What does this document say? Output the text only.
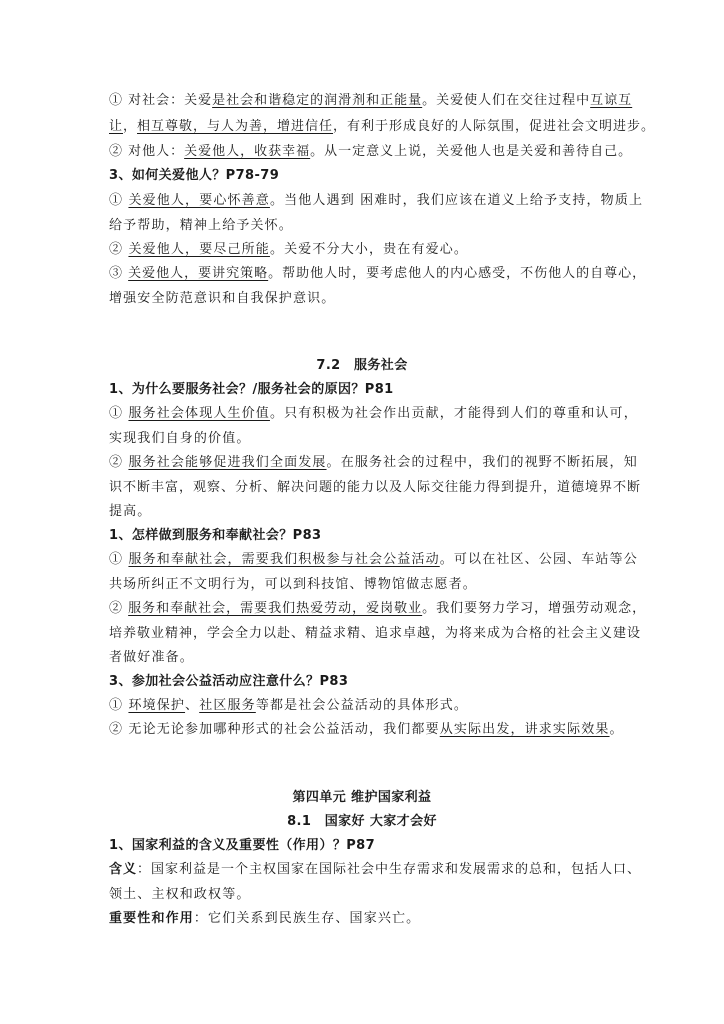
① 对社会：关爱是社会和谐稳定的润滑剂和正能量。关爱使人们在交往过程中互谅互
让，相互尊敬，与人为善，增进信任，有利于形成良好的人际氛围，促进社会文明进步。
② 对他人：关爱他人，收获幸福。从一定意义上说，关爱他人也是关爱和善待自己。
3、如何关爱他人？P78-79
① 关爱他人，要心怀善意。当他人遇到 困难时，我们应该在道义上给予支持，物质上
给予帮助，精神上给予关怀。
② 关爱他人，要尽己所能。关爱不分大小，贵在有爱心。
③ 关爱他人，要讲究策略。帮助他人时，要考虑他人的内心感受，不伤他人的自尊心，
增强安全防范意识和自我保护意识。
7.2　服务社会
1、为什么要服务社会？/服务社会的原因？P81
① 服务社会体现人生价值。只有积极为社会作出贡献，才能得到人们的尊重和认可，
实现我们自身的价值。
② 服务社会能够促进我们全面发展。在服务社会的过程中，我们的视野不断拓展，知
识不断丰富，观察、分析、解决问题的能力以及人际交往能力得到提升，道德境界不断
提高。
1、怎样做到服务和奉献社会？P83
① 服务和奉献社会，需要我们积极参与社会公益活动。可以在社区、公园、车站等公
共场所纠正不文明行为，可以到科技馆、博物馆做志愿者。
② 服务和奉献社会，需要我们热爱劳动，爱岗敬业。我们要努力学习，增强劳动观念，
培养敬业精神，学会全力以赴、精益求精、追求卓越，为将来成为合格的社会主义建设
者做好准备。
3、参加社会公益活动应注意什么？P83
① 环境保护、社区服务等都是社会公益活动的具体形式。
② 无论无论参加哪种形式的社会公益活动，我们都要从实际出发，讲求实际效果。
第四单元 维护国家利益
8.1　国家好 大家才会好
1、国家利益的含义及重要性（作用）？P87
含义：国家利益是一个主权国家在国际社会中生存需求和发展需求的总和，包括人口、
领土、主权和政权等。
重要性和作用：它们关系到民族生存、国家兴亡。
